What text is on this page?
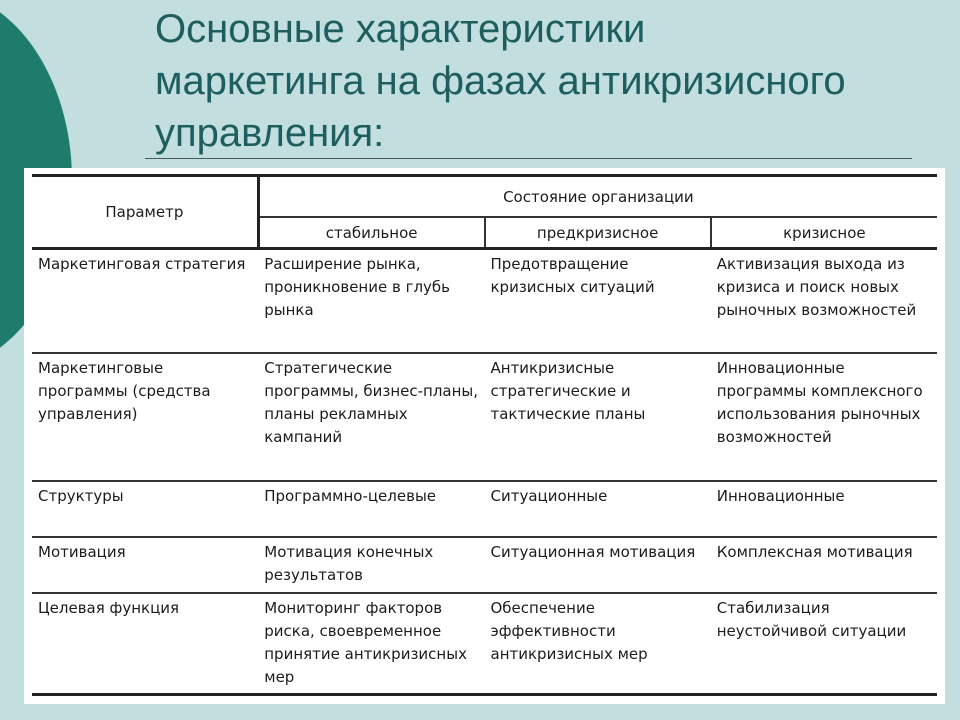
Основные характеристики
маркетинга на фазах антикризисного
управления:
Параметр	Состояние организации		
	стабильное	предкризисное	кризисное
Маркетинговая стратегия	Расширение рынка, проникновение в глубь рынка	Предотвращение кризисных ситуаций	Активизация выхода из кризиса и поиск новых рыночных возможностей
Маркетинговые программы (средства управления)	Стратегические программы, бизнес-планы, планы рекламных кампаний	Антикризисные стратегические и тактические планы	Инновационные программы комплексного использования рыночных возможностей
Структуры	Программно-целевые	Ситуационные	Инновационные
Мотивация	Мотивация конечных результатов	Ситуационная мотивация	Комплексная мотивация
Целевая функция	Мониторинг факторов риска, своевременное принятие антикризисных мер	Обеспечение эффективности антикризисных мер	Стабилизация неустойчивой ситуации
